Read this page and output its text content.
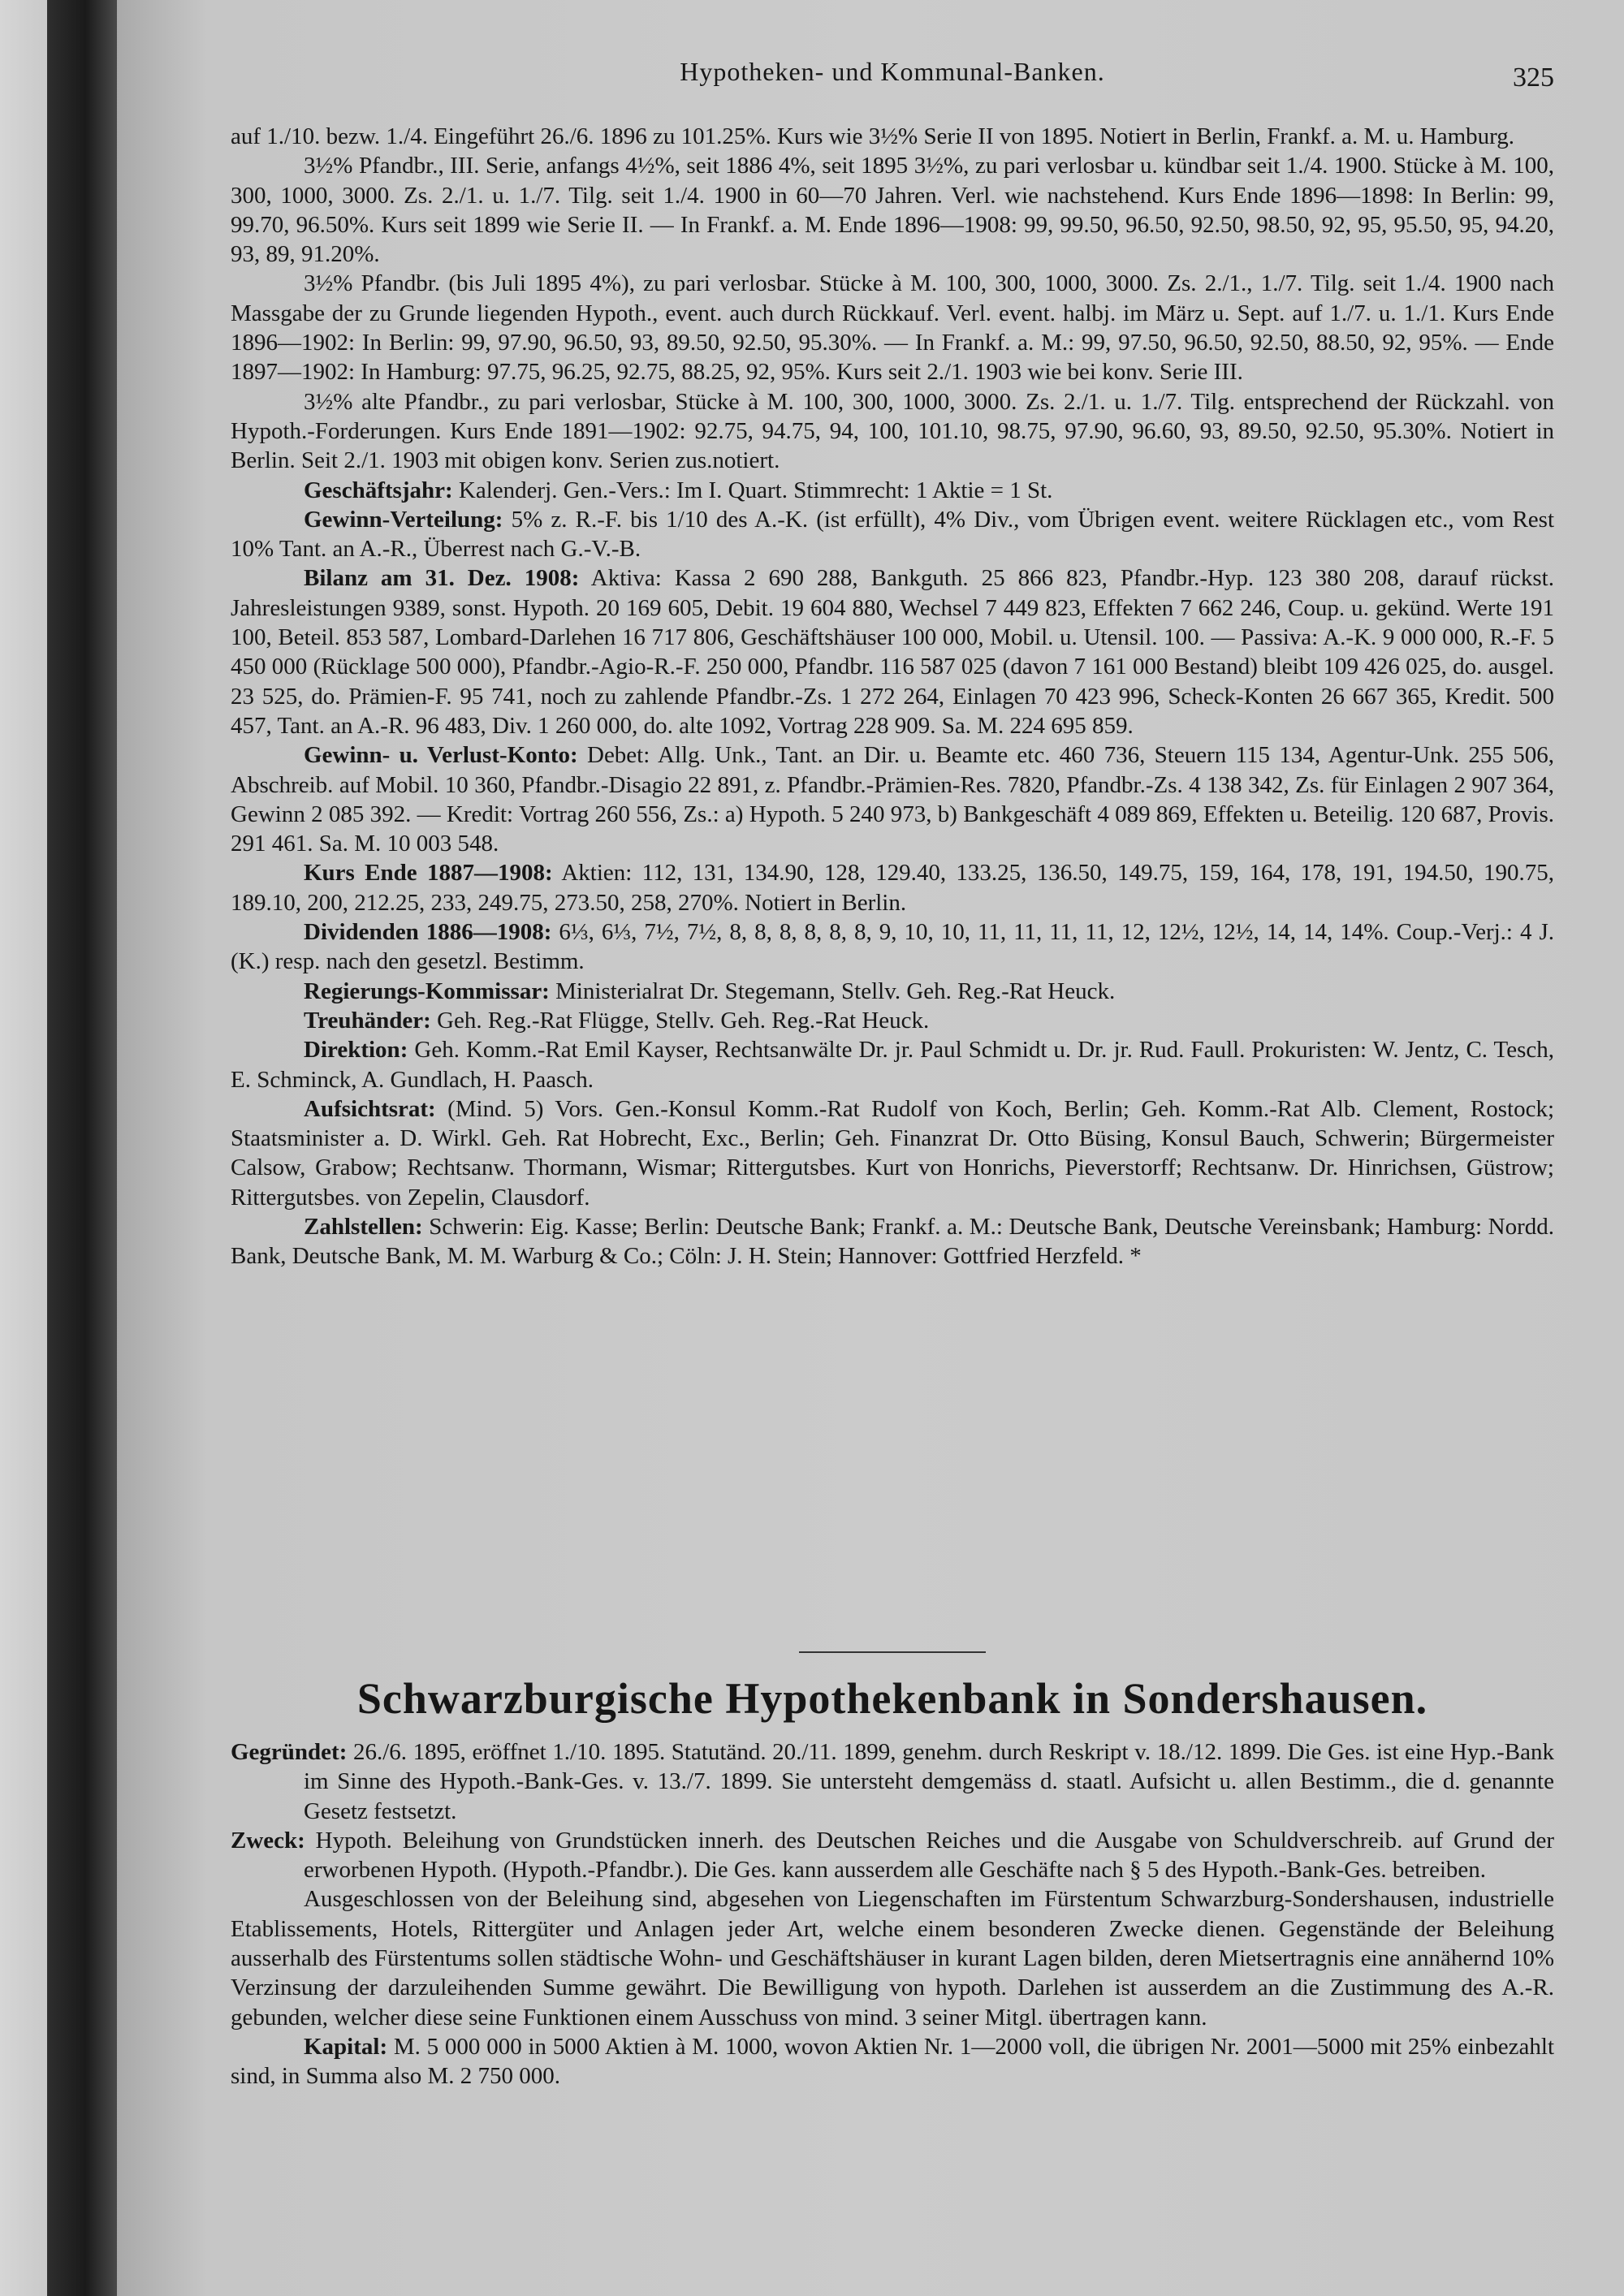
Hypotheken- und Kommunal-Banken.	325

auf 1./10. bezw. 1./4. Eingeführt 26./6. 1896 zu 101.25%. Kurs wie 3½% Serie II von 1895. Notiert in Berlin, Frankf. a. M. u. Hamburg.

3½% Pfandbr., III. Serie, anfangs 4½%, seit 1886 4%, seit 1895 3½%, zu pari verlosbar u. kündbar seit 1./4. 1900. Stücke à M. 100, 300, 1000, 3000. Zs. 2./1. u. 1./7. Tilg. seit 1./4. 1900 in 60—70 Jahren. Verl. wie nachstehend. Kurs Ende 1896—1898: In Berlin: 99, 99.70, 96.50%. Kurs seit 1899 wie Serie II. — In Frankf. a. M. Ende 1896—1908: 99, 99.50, 96.50, 92.50, 98.50, 92, 95, 95.50, 95, 94.20, 93, 89, 91.20%.

3½% Pfandbr. (bis Juli 1895 4%), zu pari verlosbar. Stücke à M. 100, 300, 1000, 3000. Zs. 2./1., 1./7. Tilg. seit 1./4. 1900 nach Massgabe der zu Grunde liegenden Hypoth., event. auch durch Rückkauf. Verl. event. halbj. im März u. Sept. auf 1./7. u. 1./1. Kurs Ende 1896—1902: In Berlin: 99, 97.90, 96.50, 93, 89.50, 92.50, 95.30%. — In Frankf. a. M.: 99, 97.50, 96.50, 92.50, 88.50, 92, 95%. — Ende 1897—1902: In Hamburg: 97.75, 96.25, 92.75, 88.25, 92, 95%. Kurs seit 2./1. 1903 wie bei konv. Serie III.

3½% alte Pfandbr., zu pari verlosbar, Stücke à M. 100, 300, 1000, 3000. Zs. 2./1. u. 1./7. Tilg. entsprechend der Rückzahl. von Hypoth.-Forderungen. Kurs Ende 1891—1902: 92.75, 94.75, 94, 100, 101.10, 98.75, 97.90, 96.60, 93, 89.50, 92.50, 95.30%. Notiert in Berlin. Seit 2./1. 1903 mit obigen konv. Serien zus.notiert.

Geschäftsjahr: Kalenderj. Gen.-Vers.: Im I. Quart. Stimmrecht: 1 Aktie = 1 St.

Gewinn-Verteilung: 5% z. R.-F. bis 1/10 des A.-K. (ist erfüllt), 4% Div., vom Übrigen event. weitere Rücklagen etc., vom Rest 10% Tant. an A.-R., Überrest nach G.-V.-B.

Bilanz am 31. Dez. 1908: Aktiva: Kassa 2 690 288, Bankguth. 25 866 823, Pfandbr.-Hyp. 123 380 208, darauf rückst. Jahresleistungen 9389, sonst. Hypoth. 20 169 605, Debit. 19 604 880, Wechsel 7 449 823, Effekten 7 662 246, Coup. u. gekünd. Werte 191 100, Beteil. 853 587, Lombard-Darlehen 16 717 806, Geschäftshäuser 100 000, Mobil. u. Utensil. 100. — Passiva: A.-K. 9 000 000, R.-F. 5 450 000 (Rücklage 500 000), Pfandbr.-Agio-R.-F. 250 000, Pfandbr. 116 587 025 (davon 7 161 000 Bestand) bleibt 109 426 025, do. ausgel. 23 525, do. Prämien-F. 95 741, noch zu zahlende Pfandbr.-Zs. 1 272 264, Einlagen 70 423 996, Scheck-Konten 26 667 365, Kredit. 500 457, Tant. an A.-R. 96 483, Div. 1 260 000, do. alte 1092, Vortrag 228 909. Sa. M. 224 695 859.

Gewinn- u. Verlust-Konto: Debet: Allg. Unk., Tant. an Dir. u. Beamte etc. 460 736, Steuern 115 134, Agentur-Unk. 255 506, Abschreib. auf Mobil. 10 360, Pfandbr.-Disagio 22 891, z. Pfandbr.-Prämien-Res. 7820, Pfandbr.-Zs. 4 138 342, Zs. für Einlagen 2 907 364, Gewinn 2 085 392. — Kredit: Vortrag 260 556, Zs.: a) Hypoth. 5 240 973, b) Bankgeschäft 4 089 869, Effekten u. Beteilig. 120 687, Provis. 291 461. Sa. M. 10 003 548.

Kurs Ende 1887—1908: Aktien: 112, 131, 134.90, 128, 129.40, 133.25, 136.50, 149.75, 159, 164, 178, 191, 194.50, 190.75, 189.10, 200, 212.25, 233, 249.75, 273.50, 258, 270%. Notiert in Berlin.

Dividenden 1886—1908: 6⅓, 6⅓, 7½, 7½, 8, 8, 8, 8, 8, 8, 9, 10, 10, 11, 11, 11, 11, 12, 12½, 12½, 14, 14, 14%. Coup.-Verj.: 4 J. (K.) resp. nach den gesetzl. Bestimm.

Regierungs-Kommissar: Ministerialrat Dr. Stegemann, Stellv. Geh. Reg.-Rat Heuck.

Treuhänder: Geh. Reg.-Rat Flügge, Stellv. Geh. Reg.-Rat Heuck.

Direktion: Geh. Komm.-Rat Emil Kayser, Rechtsanwälte Dr. jr. Paul Schmidt u. Dr. jr. Rud. Faull. Prokuristen: W. Jentz, C. Tesch, E. Schminck, A. Gundlach, H. Paasch.

Aufsichtsrat: (Mind. 5) Vors. Gen.-Konsul Komm.-Rat Rudolf von Koch, Berlin; Geh. Komm.-Rat Alb. Clement, Rostock; Staatsminister a. D. Wirkl. Geh. Rat Hobrecht, Exc., Berlin; Geh. Finanzrat Dr. Otto Büsing, Konsul Bauch, Schwerin; Bürgermeister Calsow, Grabow; Rechtsanw. Thormann, Wismar; Rittergutsbes. Kurt von Honrichs, Pieverstorff; Rechtsanw. Dr. Hinrichsen, Güstrow; Rittergutsbes. von Zepelin, Clausdorf.

Zahlstellen: Schwerin: Eig. Kasse; Berlin: Deutsche Bank; Frankf. a. M.: Deutsche Bank, Deutsche Vereinsbank; Hamburg: Nordd. Bank, Deutsche Bank, M. M. Warburg & Co.; Cöln: J. H. Stein; Hannover: Gottfried Herzfeld. *

Schwarzburgische Hypothekenbank in Sondershausen.

Gegründet: 26./6. 1895, eröffnet 1./10. 1895. Statutänd. 20./11. 1899, genehm. durch Reskript v. 18./12. 1899. Die Ges. ist eine Hyp.-Bank im Sinne des Hypoth.-Bank-Ges. v. 13./7. 1899. Sie untersteht demgemäss d. staatl. Aufsicht u. allen Bestimm., die d. genannte Gesetz festsetzt.

Zweck: Hypoth. Beleihung von Grundstücken innerh. des Deutschen Reiches und die Ausgabe von Schuldverschreib. auf Grund der erworbenen Hypoth. (Hypoth.-Pfandbr.). Die Ges. kann ausserdem alle Geschäfte nach § 5 des Hypoth.-Bank-Ges. betreiben.

Ausgeschlossen von der Beleihung sind, abgesehen von Liegenschaften im Fürstentum Schwarzburg-Sondershausen, industrielle Etablissements, Hotels, Rittergüter und Anlagen jeder Art, welche einem besonderen Zwecke dienen. Gegenstände der Beleihung ausserhalb des Fürstentums sollen städtische Wohn- und Geschäftshäuser in kurant Lagen bilden, deren Mietsertragnis eine annähernd 10% Verzinsung der darzuleihenden Summe gewährt. Die Bewilligung von hypoth. Darlehen ist ausserdem an die Zustimmung des A.-R. gebunden, welcher diese seine Funktionen einem Ausschuss von mind. 3 seiner Mitgl. übertragen kann.

Kapital: M. 5 000 000 in 5000 Aktien à M. 1000, wovon Aktien Nr. 1—2000 voll, die übrigen Nr. 2001—5000 mit 25% einbezahlt sind, in Summa also M. 2 750 000.
